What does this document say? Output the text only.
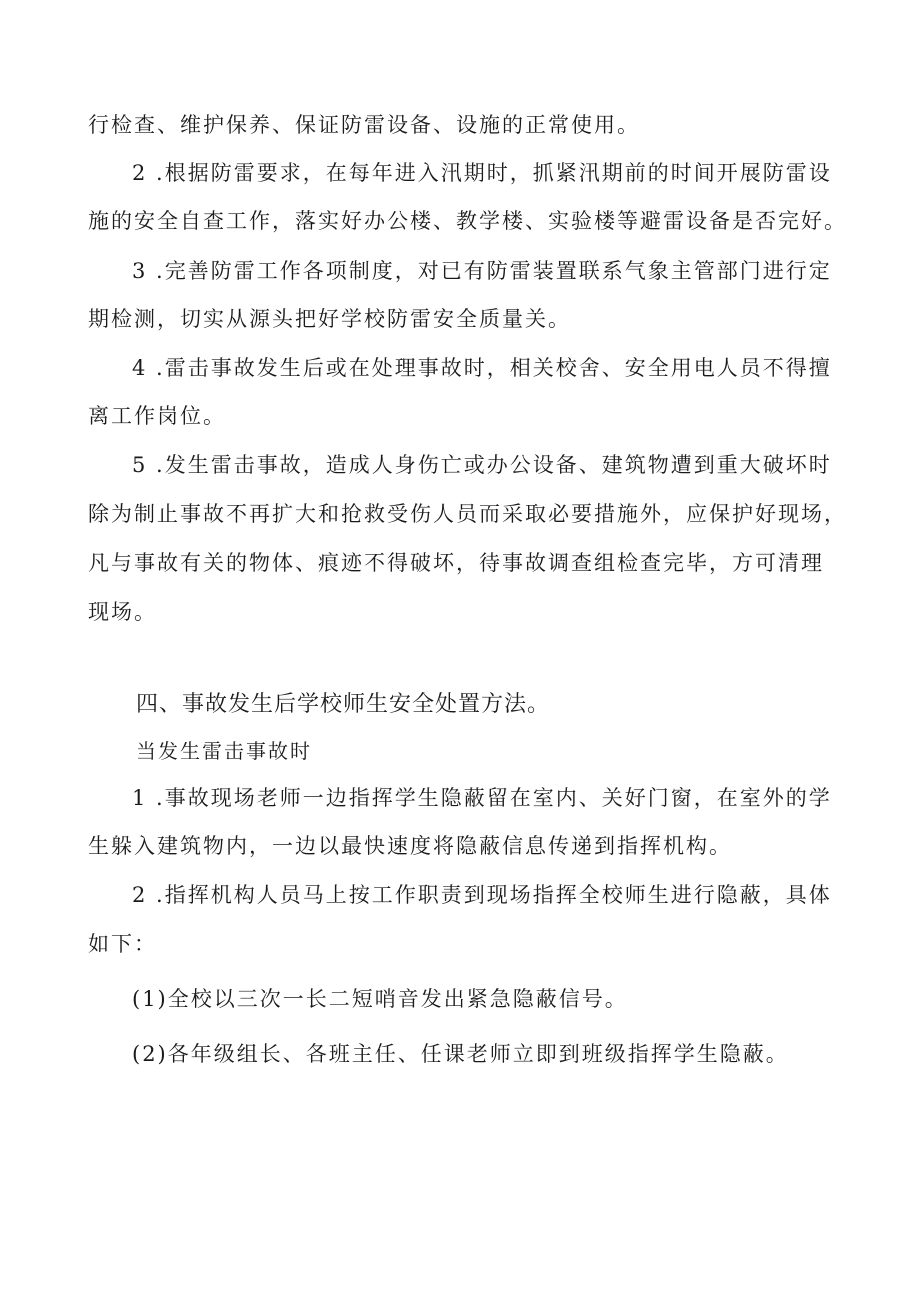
行检查、维护保养、保证防雷设备、设施的正常使用。
2 .根据防雷要求，在每年进入汛期时，抓紧汛期前的时间开展防雷设
施的安全自查工作，落实好办公楼、教学楼、实验楼等避雷设备是否完好。
3 .完善防雷工作各项制度，对已有防雷装置联系气象主管部门进行定
期检测，切实从源头把好学校防雷安全质量关。
4 .雷击事故发生后或在处理事故时，相关校舍、安全用电人员不得擅
离工作岗位。
5 .发生雷击事故，造成人身伤亡或办公设备、建筑物遭到重大破坏时
除为制止事故不再扩大和抢救受伤人员而采取必要措施外，应保护好现场，
凡与事故有关的物体、痕迹不得破坏，待事故调查组检查完毕，方可清理
现场。
四、事故发生后学校师生安全处置方法。
当发生雷击事故时
1 .事故现场老师一边指挥学生隐蔽留在室内、关好门窗，在室外的学
生躲入建筑物内，一边以最快速度将隐蔽信息传递到指挥机构。
2 .指挥机构人员马上按工作职责到现场指挥全校师生进行隐蔽，具体
如下：
(1)全校以三次一长二短哨音发出紧急隐蔽信号。
(2)各年级组长、各班主任、任课老师立即到班级指挥学生隐蔽。
